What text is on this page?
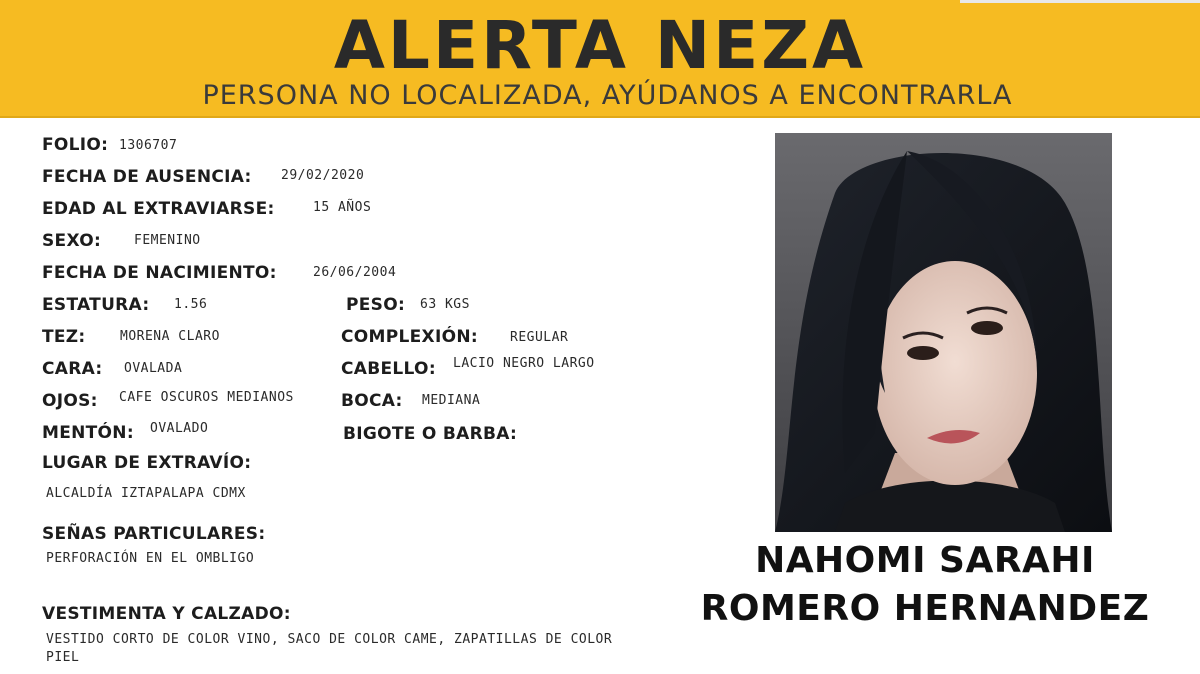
ALERTA NEZA
PERSONA NO LOCALIZADA, AYÚDANOS A ENCONTRARLA
FOLIO: 1306707
FECHA DE AUSENCIA: 29/02/2020
EDAD AL EXTRAVIARSE:	15 AÑOS
SEXO:	FEMENINO
FECHA DE NACIMIENTO:	26/06/2004
ESTATURA: 1.56	PESO: 63 KGS
TEZ:	MORENA CLARO	COMPLEXIÓN: REGULAR
CARA: OVALADA	CABELLO: LACIO NEGRO LARGO
OJOS: CAFE OSCUROS MEDIANOS	BOCA: MEDIANA
MENTÓN: OVALADO	BIGOTE O BARBA:
LUGAR DE EXTRAVÍO:
ALCALDÍA IZTAPALAPA CDMX
SEÑAS PARTICULARES:
PERFORACIÓN EN EL OMBLIGO
VESTIMENTA Y CALZADO:
VESTIDO CORTO DE COLOR VINO, SACO DE COLOR CAME, ZAPATILLAS DE COLOR
PIEL
NAHOMI SARAHI
ROMERO HERNANDEZ
